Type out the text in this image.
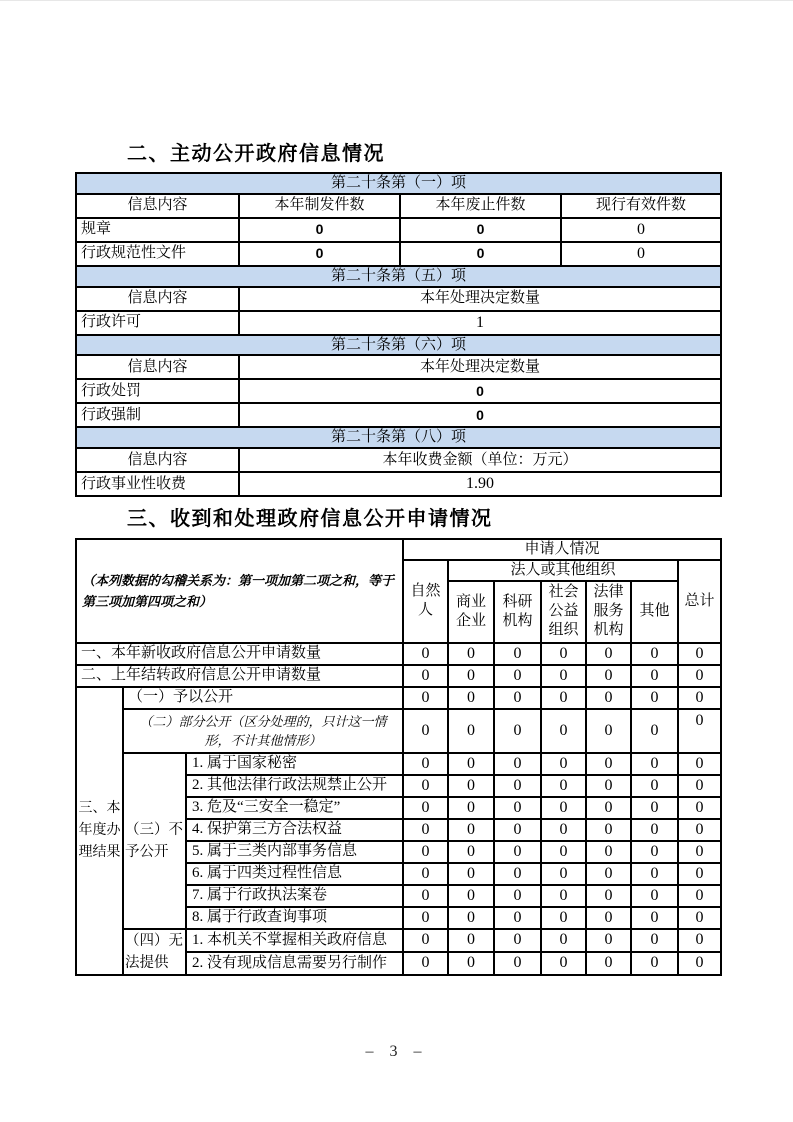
二、主动公开政府信息情况
第二十条第（一）项			
信息内容	本年制发件数	本年废止件数	现行有效件数
规章	0	0	0
行政规范性文件	0	0	0
第二十条第（五）项			
信息内容	本年处理决定数量		
行政许可	1		
第二十条第（六）项			
信息内容	本年处理决定数量		
行政处罚	0		
行政强制	0		
第二十条第（八）项			
信息内容	本年收费金额（单位：万元）		
行政事业性收费	1.90		
三、收到和处理政府信息公开申请情况
（本列数据的勾稽关系为：第一项加第二项之和，等于第三项加第四项之和）			申请人情况						
			自然人	法人或其他组织					总计
				商业企业	科研机构	社会公益组织	法律服务机构	其他	
一、本年新收政府信息公开申请数量			0	0	0	0	0	0	0
二、上年结转政府信息公开申请数量			0	0	0	0	0	0	0
三、本年度办理结果	（一）予以公开		0	0	0	0	0	0	0
	（二）部分公开（区分处理的，只计这一情形，不计其他情形）		0	0	0	0	0	0	0
	（三）不予公开	1. 属于国家秘密	0	0	0	0	0	0	0
		2. 其他法律行政法规禁止公开	0	0	0	0	0	0	0
		3. 危及“三安全一稳定”	0	0	0	0	0	0	0
		4. 保护第三方合法权益	0	0	0	0	0	0	0
		5. 属于三类内部事务信息	0	0	0	0	0	0	0
		6. 属于四类过程性信息	0	0	0	0	0	0	0
		7. 属于行政执法案卷	0	0	0	0	0	0	0
		8. 属于行政查询事项	0	0	0	0	0	0	0
	（四）无法提供	1. 本机关不掌握相关政府信息	0	0	0	0	0	0	0
		2. 没有现成信息需要另行制作	0	0	0	0	0	0	0
– 3 –
